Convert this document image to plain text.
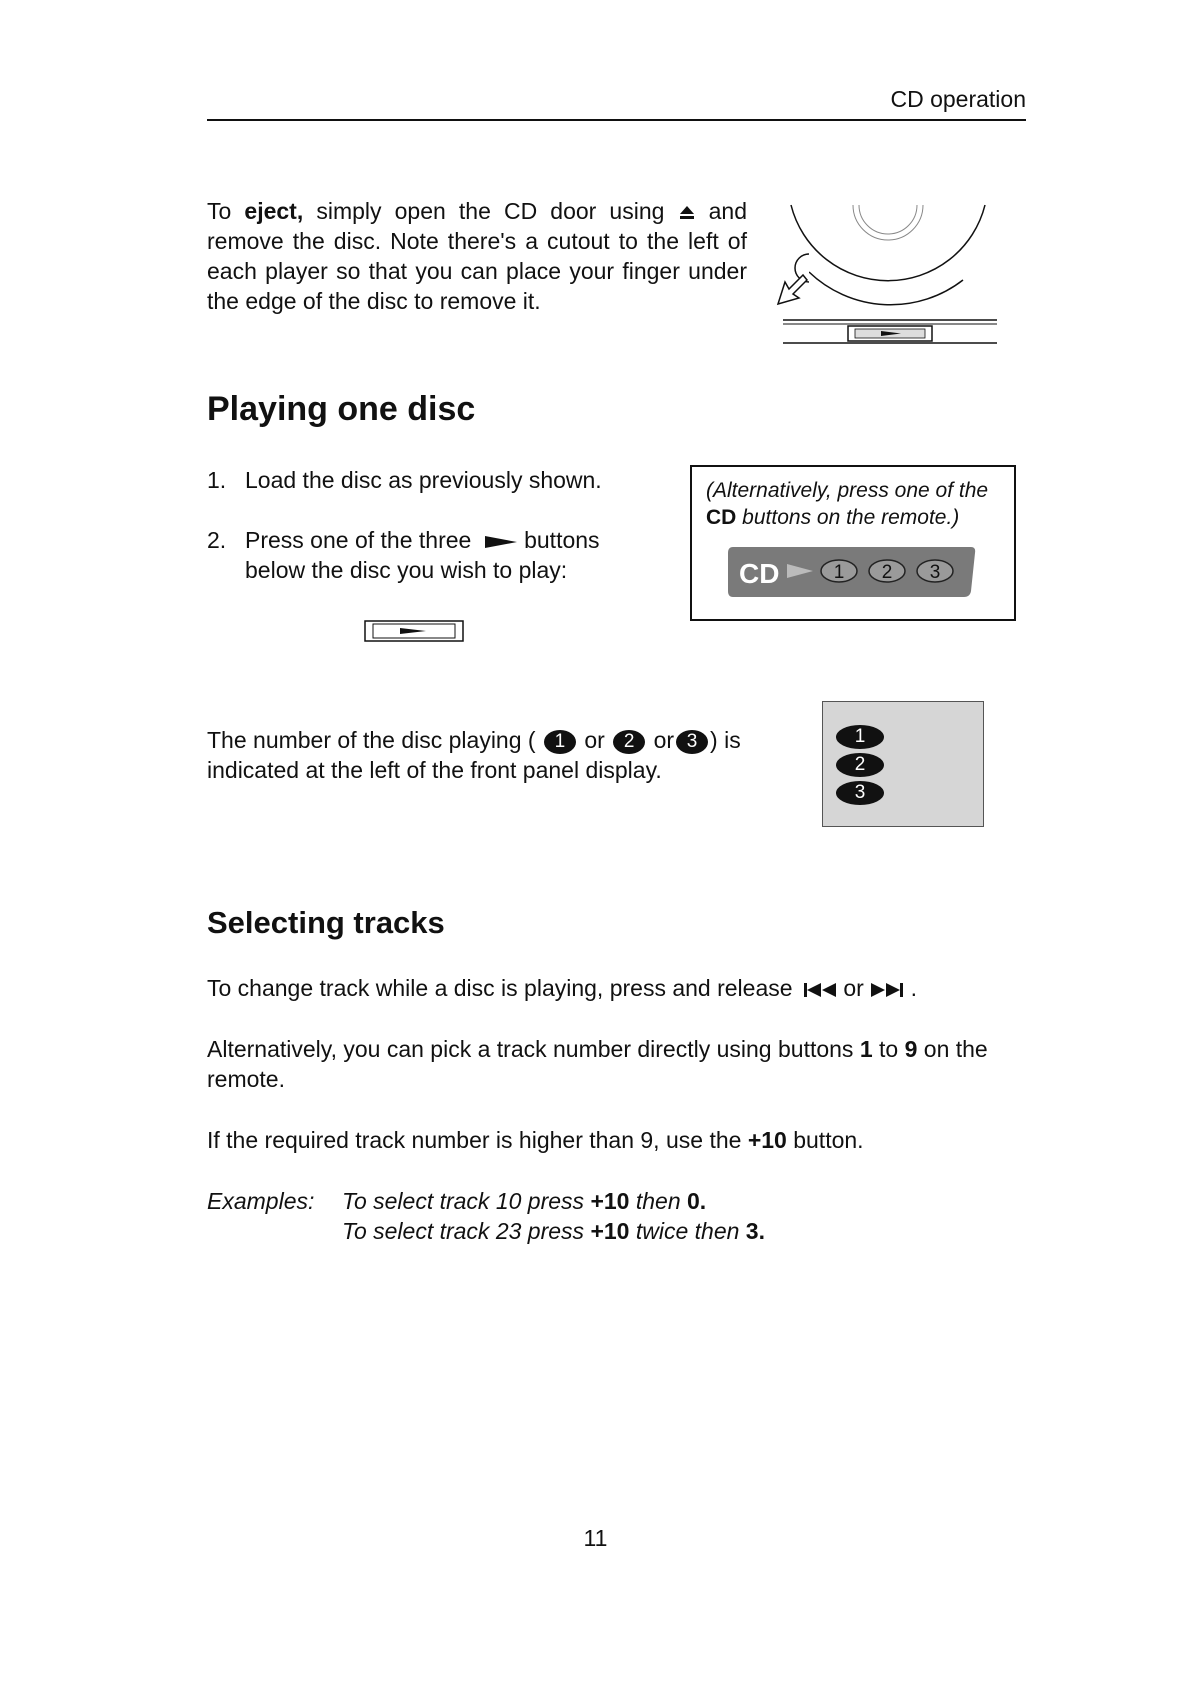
CD operation
To eject, simply open the CD door using  and remove the disc. Note there's a cutout to the left of each player so that you can place your finger under the edge of the disc to remove it.
Playing one disc
1. Load the disc as previously shown.
2. Press one of the three buttons below the disc you wish to play:
(Alternatively, press one of the
CD buttons on the remote.)
CD	1 2 3
The number of the disc playing ( 1 or 2 or 3 ) is indicated at the left of the front panel display.
1
2
3
Selecting tracks
To change track while a disc is playing, press and release or .
Alternatively, you can pick a track number directly using buttons 1 to 9 on the remote.
If the required track number is higher than 9, use the +10 button.
Examples: To select track 10 press +10 then 0.
To select track 23 press +10 twice then 3.
11
